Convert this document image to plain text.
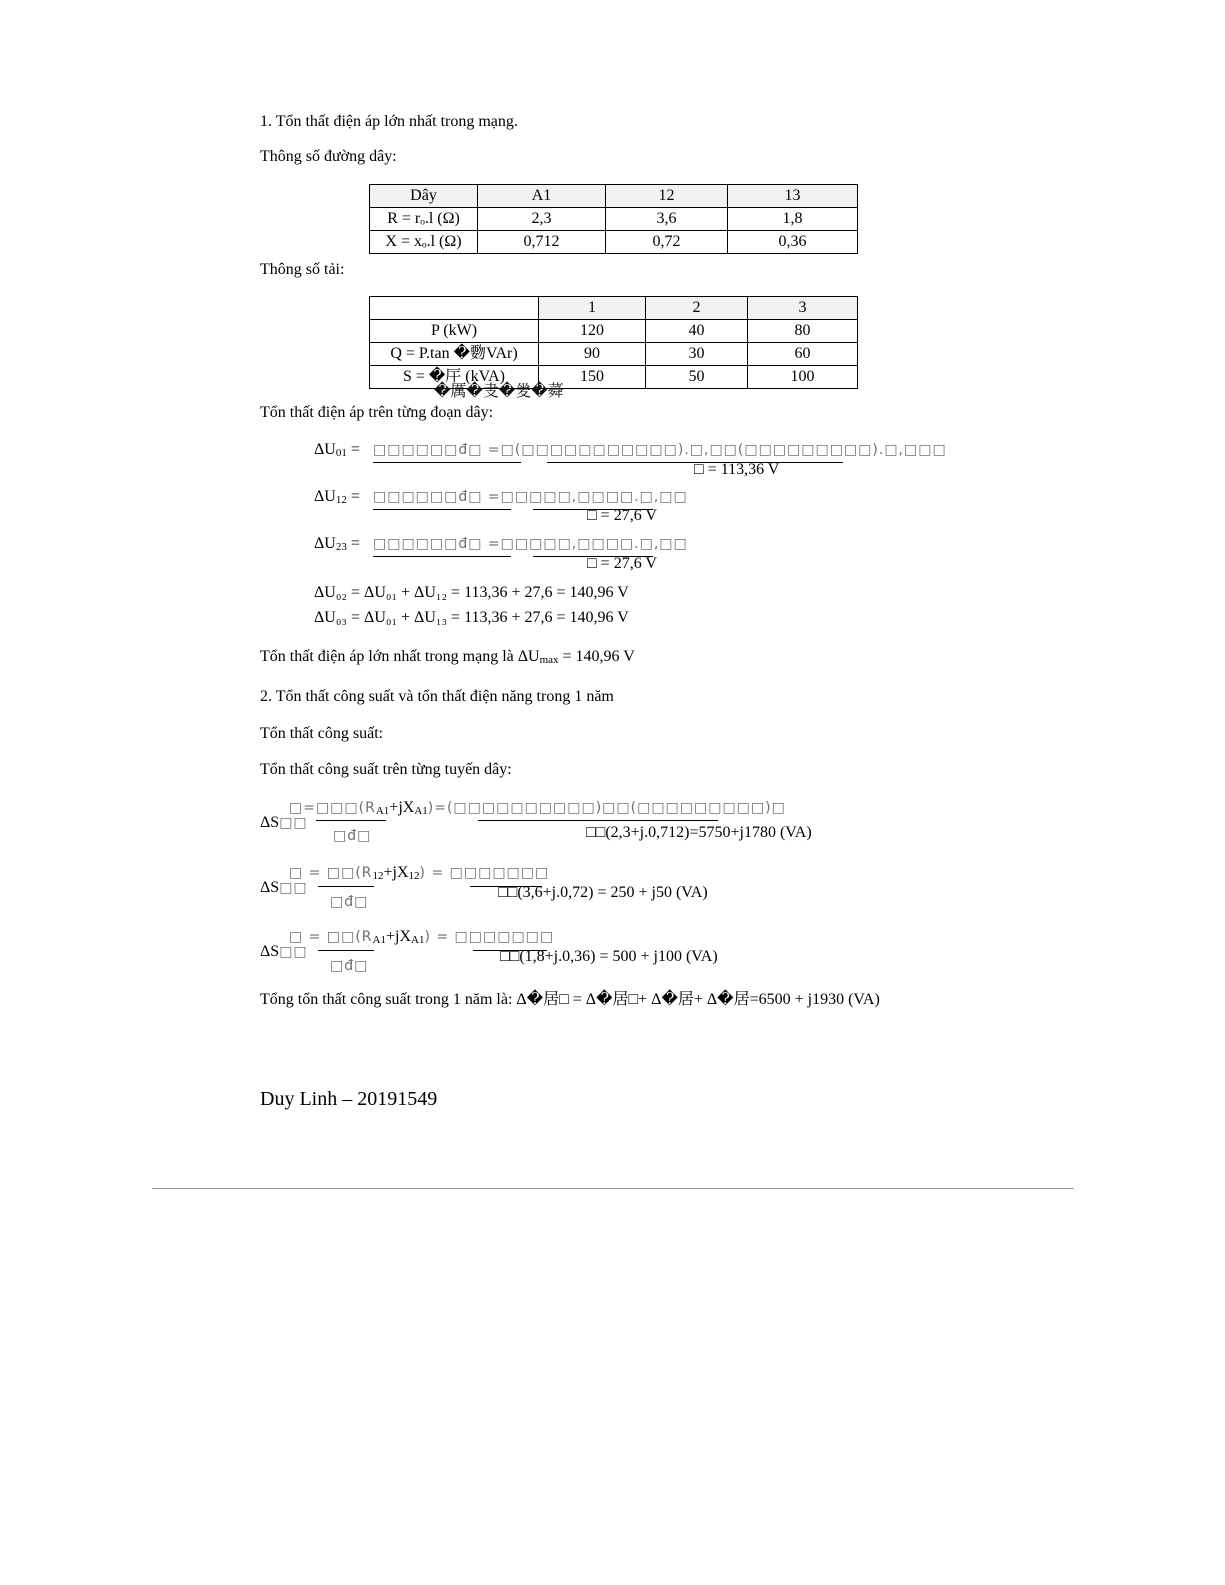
1. Tổn thất điện áp lớn nhất trong mạng.
Thông số đường dây:
Dây	A1	12	13
R = rₒ.l (Ω)	2,3	3,6	1,8
X = xₒ.l (Ω)	0,712	0,72	0,36
Thông số tải:
	1	2	3
P (kW)	120	40	80
Q = P.tan �覅VAr)	90	30	60
S = �厈 (kVA)	150	50	100
�厲�叏�夎�蕣
Tổn thất điện áp trên từng đoạn dây:
ΔU01 = □□□□□□đ□ =□(□□□□□□□□□□□).□,□□(□□□□□□□□□).□,□□□
□ = 113,36 V
ΔU12 = □□□□□□đ□ =□□□□□,□□□□.□,□□
□ = 27,6 V
ΔU23 = □□□□□□đ□ =□□□□□,□□□□.□,□□
□ = 27,6 V
ΔU₀₂ = ΔU₀₁ + ΔU₁₂ = 113,36 + 27,6 = 140,96 V
ΔU₀₃ = ΔU₀₁ + ΔU₁₃ = 113,36 + 27,6 = 140,96 V
Tổn thất điện áp lớn nhất trong mạng là ΔUmax = 140,96 V
2. Tổn thất công suất và tổn thất điện năng trong 1 năm
Tổn thất công suất:
Tổn thất công suất trên từng tuyến dây:
ΔS□□
□=□□□(RA1+jXA1)=(□□□□□□□□□□)□□(□□□□□□□□□)□
□đ□	□□(2,3+j.0,712)=5750+j1780 (VA)
ΔS□□
□ = □□(R12+jX12) = □□□□□□□
□đ□
□□(3,6+j.0,72) = 250 + j50 (VA)
ΔS□□
□ = □□(RA1+jXA1) = □□□□□□□
□đ□
□□(1,8+j.0,36) = 500 + j100 (VA)
Tổng tổn thất công suất trong 1 năm là: Δ�居□ = Δ�居□+ Δ�居+ Δ�居=6500 + j1930 (VA)
Duy Linh – 20191549
